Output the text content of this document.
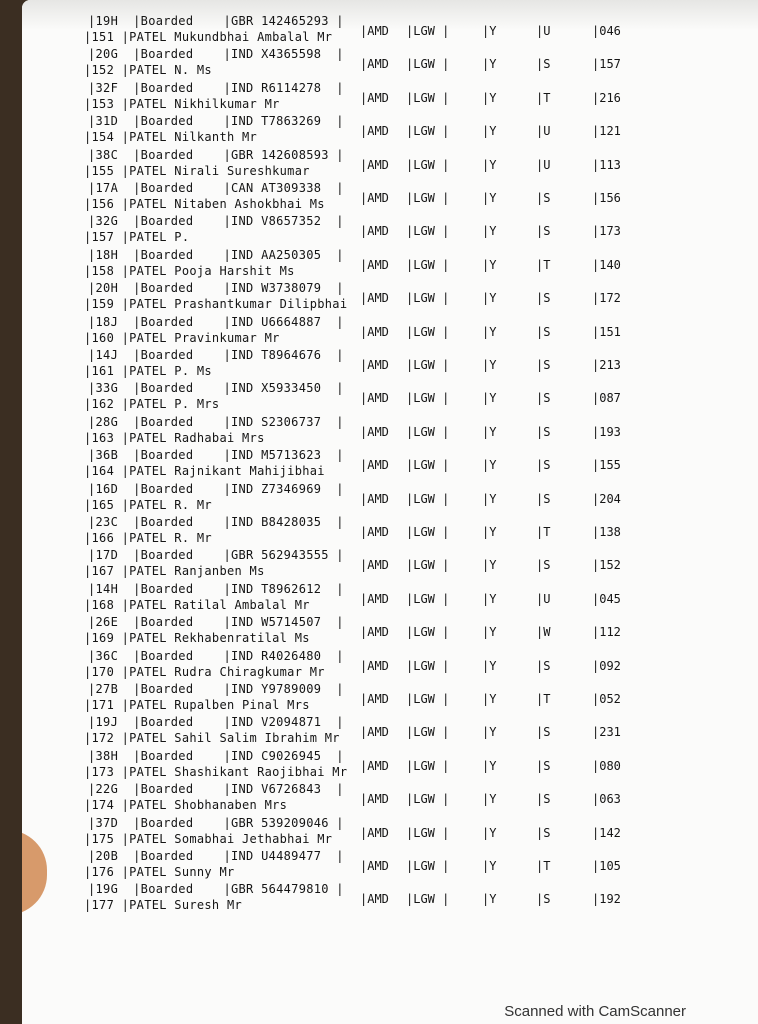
|19H  |Boarded    |GBR 142465293 |
|151 |PATEL Mukundbhai Ambalal Mr |AMD |LGW |	|Y	|U	|046
|20G  |Boarded    |IND X4365598  |
|152 |PATEL N. Ms	|AMD |LGW |	|Y	|S	|157
|32F  |Boarded    |IND R6114278  |
|153 |PATEL Nikhilkumar Mr	|AMD |LGW |	|Y	|T	|216
|31D  |Boarded    |IND T7863269  |
|154 |PATEL Nilkanth Mr	|AMD |LGW |	|Y	|U	|121
|38C  |Boarded    |GBR 142608593 |
|155 |PATEL Nirali Sureshkumar	|AMD |LGW |	|Y	|U	|113
|17A  |Boarded    |CAN AT309338  |
|156 |PATEL Nitaben Ashokbhai Ms	|AMD |LGW |	|Y	|S	|156
|32G  |Boarded    |IND V8657352  |
|157 |PATEL P.	|AMD |LGW |	|Y	|S	|173
|18H  |Boarded    |IND AA250305  |
|158 |PATEL Pooja Harshit Ms	|AMD |LGW |	|Y	|T	|140
|20H  |Boarded    |IND W3738079  |
|159 |PATEL Prashantkumar Dilipbhai |AMD |LGW |	|Y	|S	|172
|18J  |Boarded    |IND U6664887  |
|160 |PATEL Pravinkumar Mr	|AMD |LGW |	|Y	|S	|151
|14J  |Boarded    |IND T8964676  |
|161 |PATEL P. Ms	|AMD |LGW |	|Y	|S	|213
|33G  |Boarded    |IND X5933450  |
|162 |PATEL P. Mrs	|AMD |LGW |	|Y	|S	|087
|28G  |Boarded    |IND S2306737  |
|163 |PATEL Radhabai Mrs	|AMD |LGW |	|Y	|S	|193
|36B  |Boarded    |IND M5713623  |
|164 |PATEL Rajnikant Mahijibhai	|AMD |LGW |	|Y	|S	|155
|16D  |Boarded    |IND Z7346969  |
|165 |PATEL R. Mr	|AMD |LGW |	|Y	|S	|204
|23C  |Boarded    |IND B8428035  |
|166 |PATEL R. Mr	|AMD |LGW |	|Y	|T	|138
|17D  |Boarded    |GBR 562943555 |
|167 |PATEL Ranjanben Ms	|AMD |LGW |	|Y	|S	|152
|14H  |Boarded    |IND T8962612  |
|168 |PATEL Ratilal Ambalal Mr	|AMD |LGW |	|Y	|U	|045
|26E  |Boarded    |IND W5714507  |
|169 |PATEL Rekhabenratilal Ms	|AMD |LGW |	|Y	|W	|112
|36C  |Boarded    |IND R4026480  |
|170 |PATEL Rudra Chiragkumar Mr	|AMD |LGW |	|Y	|S	|092
|27B  |Boarded    |IND Y9789009  |
|171 |PATEL Rupalben Pinal Mrs	|AMD |LGW |	|Y	|T	|052
|19J  |Boarded    |IND V2094871  |
|172 |PATEL Sahil Salim Ibrahim Mr |AMD |LGW |	|Y	|S	|231
|38H  |Boarded    |IND C9026945  |
|173 |PATEL Shashikant Raojibhai Mr |AMD |LGW |	|Y	|S	|080
|22G  |Boarded    |IND V6726843  |
|174 |PATEL Shobhanaben Mrs	|AMD |LGW |	|Y	|S	|063
|37D  |Boarded    |GBR 539209046 |
|175 |PATEL Somabhai Jethabhai Mr |AMD |LGW |	|Y	|S	|142
|20B  |Boarded    |IND U4489477  |
|176 |PATEL Sunny Mr	|AMD |LGW |	|Y	|T	|105
|19G  |Boarded    |GBR 564479810 |
|177 |PATEL Suresh Mr	|AMD |LGW |	|Y	|S	|192
Scanned with CamScanner
